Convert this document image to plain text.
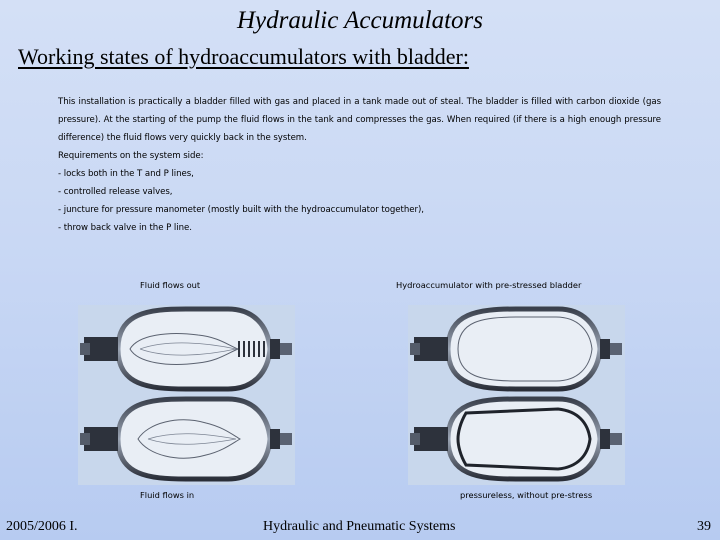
Hydraulic Accumulators
Working states of hydroaccumulators with bladder:

This installation is practically a bladder filled with gas and placed in a tank made out of steal. The bladder is filled with carbon dioxide (gas pressure). At the starting of the pump the fluid flows in the tank and compresses the gas. When required (if there is a high enough pressure difference) the fluid flows very quickly back in the system.

Requirements on the system side:

- locks both in the T and P lines,

- controlled release valves,

- juncture for pressure manometer (mostly built with the hydroaccumulator together),

- throw back valve in the P line.

Fluid flows out	Hydroaccumulator with pre-stressed bladder
Fluid flows in	pressureless, without pre-stress
2005/2006 I.	Hydraulic and Pneumatic Systems	39
